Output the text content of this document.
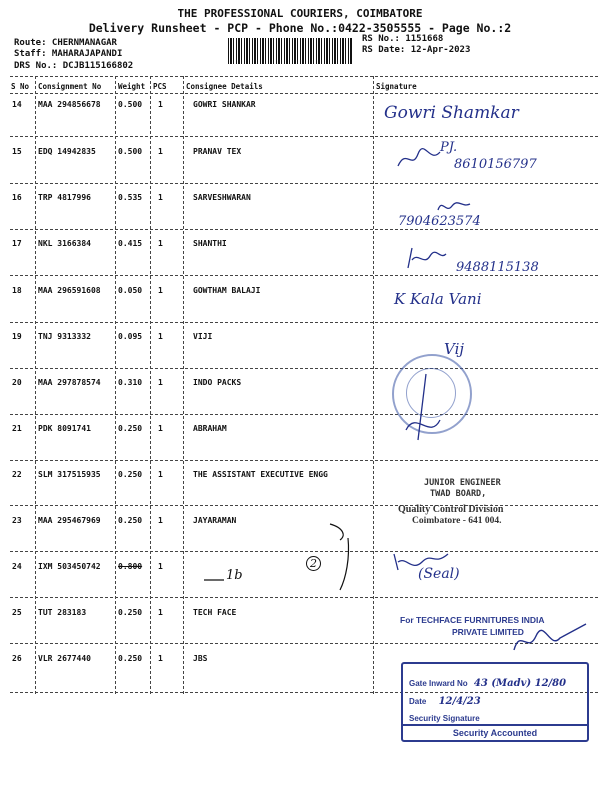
THE PROFESSIONAL COURIERS, COIMBATORE
Delivery Runsheet - PCP - Phone No.:0422-3505555 - Page No.:2
Route: CHERNMANAGAR
Staff: MAHARAJAPANDI
DRS No.: DCJB115166802
RS No.: 1151668
RS Date: 12-Apr-2023
S No Consignment No Weight PCS	Consignee Details	Signature
14 MAA 294856678 0.500 1	GOWRI SHANKAR
15 EDQ 14942835	0.500 1	PRANAV TEX
16 TRP 4817996	0.535 1	SARVESHWARAN
17 NKL 3166384	0.415 1	SHANTHI
18 MAA 296591608 0.050 1	GOWTHAM BALAJI
19 TNJ 9313332	0.095 1	VIJI
20 MAA 297878574 0.310 1	INDO PACKS
21 PDK 8091741	0.250 1	ABRAHAM
22 SLM 317515935 0.250 1	THE ASSISTANT EXECUTIVE ENGG
23 MAA 295467969 0.250 1	JAYARAMAN
24 IXM 503450742 0.800 1
25 TUT 283183	0.250 1	TECH FACE
26 VLR 2677440	0.250 1	JBS
Gowri Shamkar
PJ.
8610156797
7904623574
9488115138
K Kala Vani
Vij
JUNIOR ENGINEER
TWAD BOARD,
Quality Control Division
Coimbatore - 641 004.
2
1b	(Seal)
For TECHFACE FURNITURES INDIA
PRIVATE LIMITED
Gate Inward No 43 (Madv) 12/80
Date 12/4/23
Security Signature
Security Accounted
